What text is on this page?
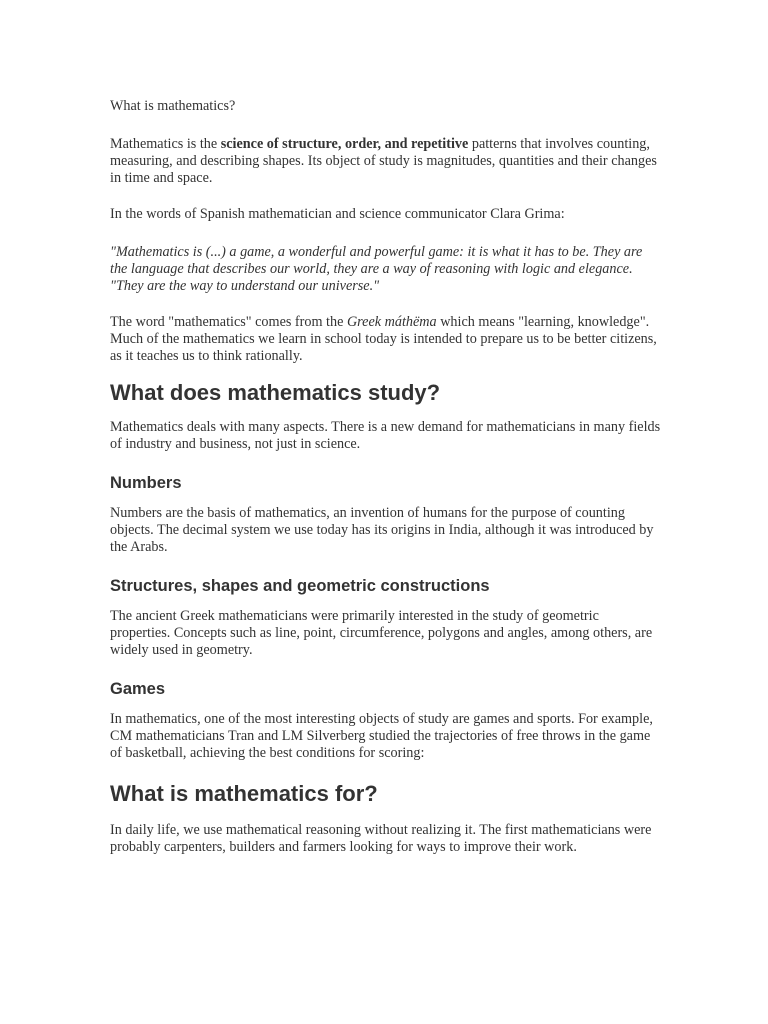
What is mathematics?

Mathematics is the science of structure, order, and repetitive patterns that involves counting, measuring, and describing shapes. Its object of study is magnitudes, quantities and their changes in time and space.

In the words of Spanish mathematician and science communicator Clara Grima:

"Mathematics is (...) a game, a wonderful and powerful game: it is what it has to be. They are the language that describes our world, they are a way of reasoning with logic and elegance. "They are the way to understand our universe."

The word "mathematics" comes from the Greek máthëma which means "learning, knowledge". Much of the mathematics we learn in school today is intended to prepare us to be better citizens, as it teaches us to think rationally.

What does mathematics study?

Mathematics deals with many aspects. There is a new demand for mathematicians in many fields of industry and business, not just in science.

Numbers

Numbers are the basis of mathematics, an invention of humans for the purpose of counting objects. The decimal system we use today has its origins in India, although it was introduced by the Arabs.

Structures, shapes and geometric constructions

The ancient Greek mathematicians were primarily interested in the study of geometric properties. Concepts such as line, point, circumference, polygons and angles, among others, are widely used in geometry.

Games

In mathematics, one of the most interesting objects of study are games and sports. For example, CM mathematicians Tran and LM Silverberg studied the trajectories of free throws in the game of basketball, achieving the best conditions for scoring:

What is mathematics for?

In daily life, we use mathematical reasoning without realizing it. The first mathematicians were probably carpenters, builders and farmers looking for ways to improve their work.
